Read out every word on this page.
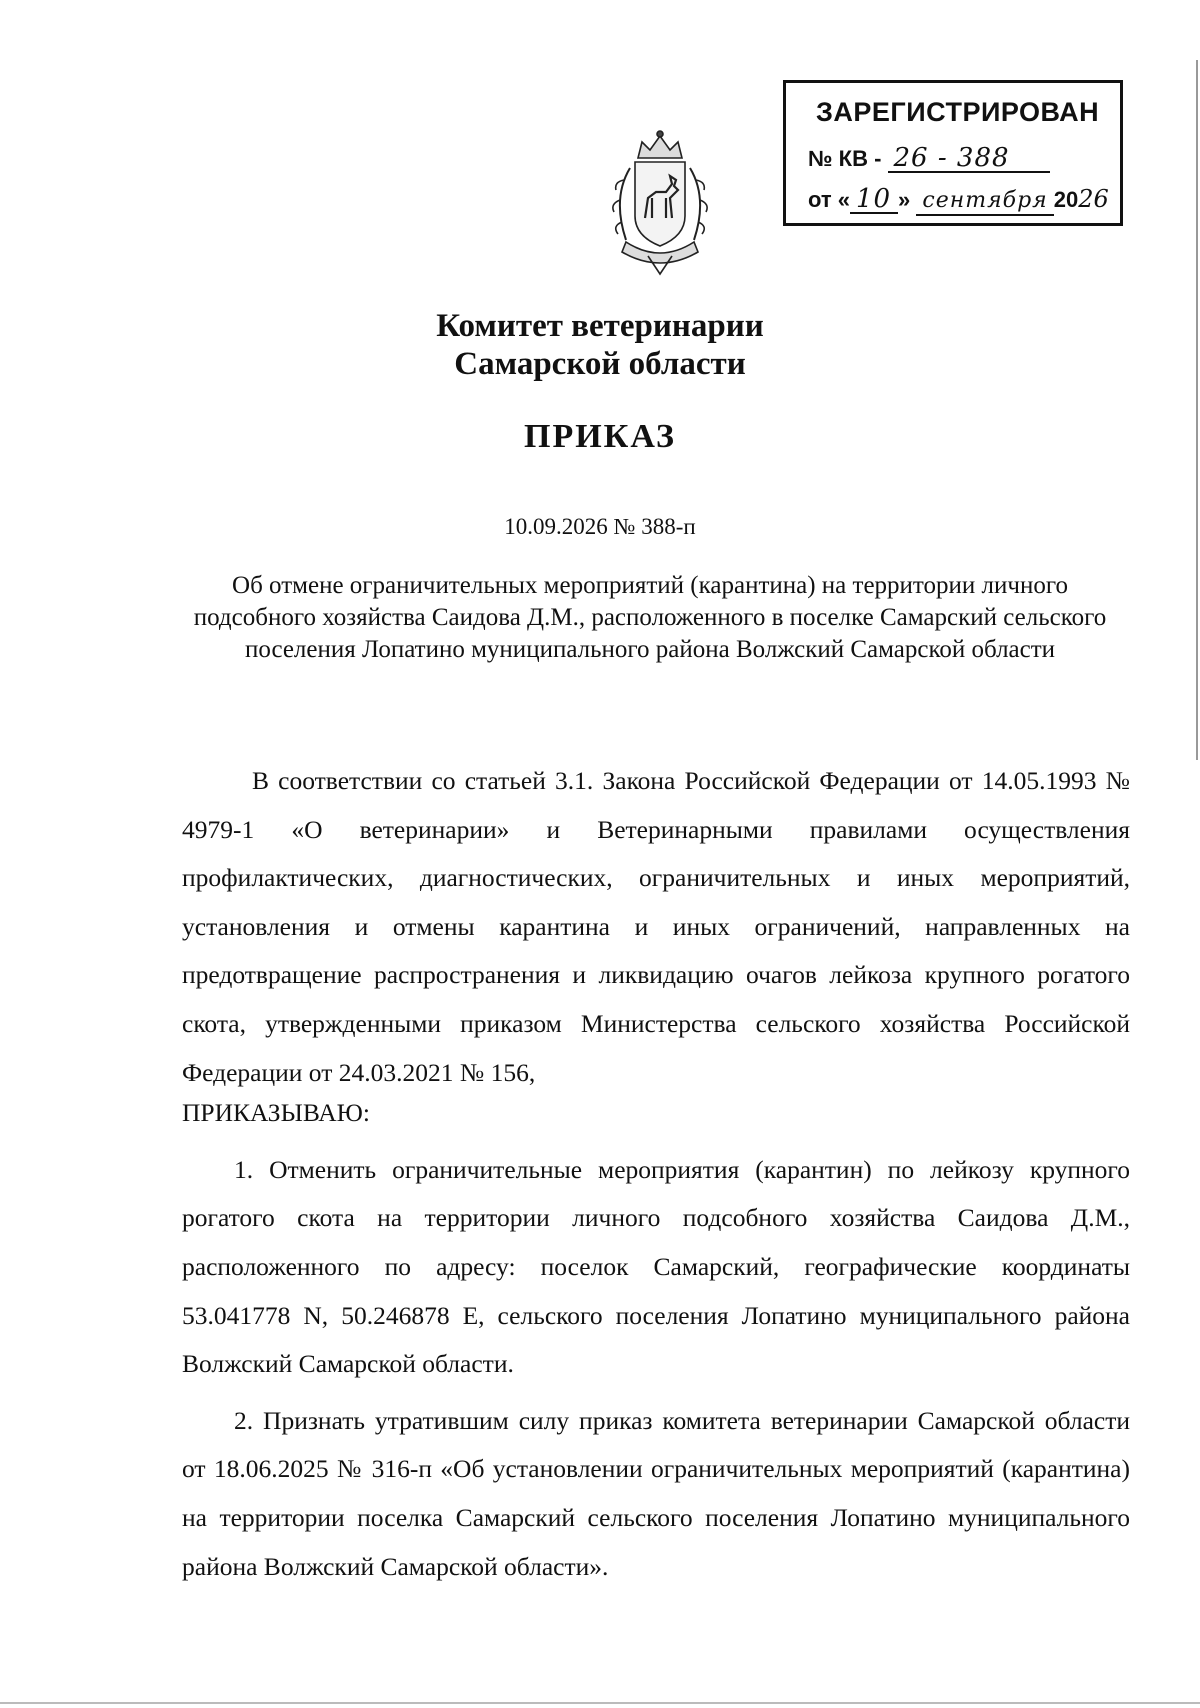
ЗАРЕГИСТРИРОВАН
№ КВ - 26 - 388
от « 10 » сентября 2026
Комитет ветеринарии
Самарской области
ПРИКАЗ
10.09.2026 № 388-п
Об отмене ограничительных мероприятий (карантина) на территории личного подсобного хозяйства Саидова Д.М., расположенного в поселке Самарский сельского поселения Лопатино муниципального района Волжский Самарской области

В соответствии со статьей 3.1. Закона Российской Федерации от 14.05.1993 № 4979-1 «О ветеринарии» и Ветеринарными правилами осуществления профилактических, диагностических, ограничительных и иных мероприятий, установления и отмены карантина и иных ограничений, направленных на предотвращение распространения и ликвидацию очагов лейкоза крупного рогатого скота, утвержденными приказом Министерства сельского хозяйства Российской Федерации от 24.03.2021 № 156,

ПРИКАЗЫВАЮ:

1. Отменить ограничительные мероприятия (карантин) по лейкозу крупного рогатого скота на территории личного подсобного хозяйства Саидова Д.М., расположенного по адресу: поселок Самарский, географические координаты 53.041778 N, 50.246878 E, сельского поселения Лопатино муниципального района Волжский Самарской области.

2. Признать утратившим силу приказ комитета ветеринарии Самарской области от 18.06.2025 № 316-п «Об установлении ограничительных мероприятий (карантина) на территории поселка Самарский сельского поселения Лопатино муниципального района Волжский Самарской области».
